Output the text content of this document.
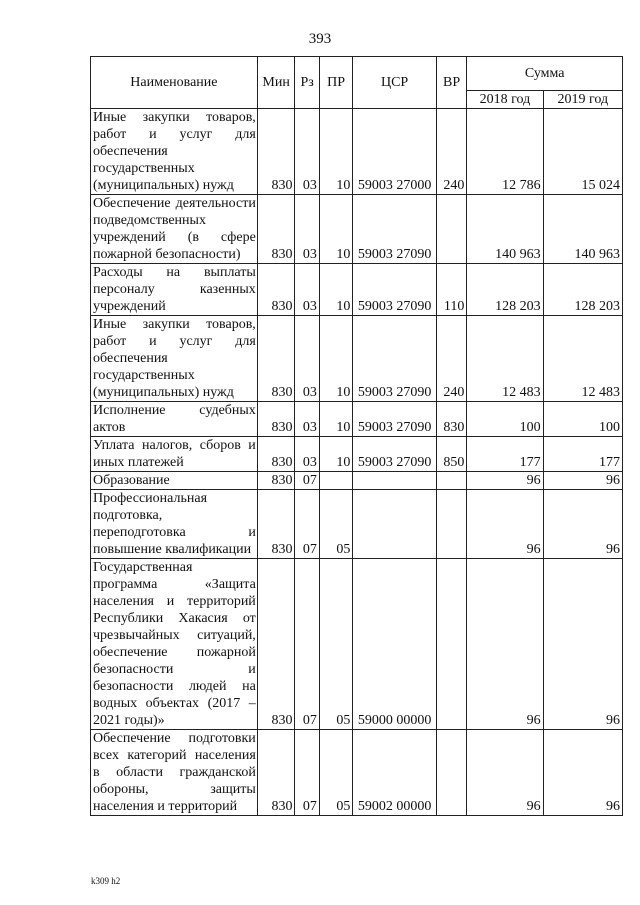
393
Наименование	Мин	Рз	ПР	ЦСР	ВР	Сумма	
						2018 год	2019 год
Иные закупки товаров, работ и услуг для обеспечения государственных (муниципальных) нужд	830	03	10	59003 27000	240	12 786	15 024
Обеспечение деятельности подведомственных учреждений (в сфере пожарной безопасности)	830	03	10	59003 27090		140 963	140 963
Расходы на выплаты персоналу казенных учреждений	830	03	10	59003 27090	110	128 203	128 203
Иные закупки товаров, работ и услуг для обеспечения государственных (муниципальных) нужд	830	03	10	59003 27090	240	12 483	12 483
Исполнение судебных актов	830	03	10	59003 27090	830	100	100
Уплата налогов, сборов и иных платежей	830	03	10	59003 27090	850	177	177
Образование	830	07				96	96
Профессиональная подготовка, переподготовка и повышение квалификации	830	07	05			96	96
Государственная программа «Защита населения и территорий Республики Хакасия от чрезвычайных ситуаций, обеспечение пожарной безопасности и безопасности людей на водных объектах (2017 – 2021 годы)»	830	07	05	59000 00000		96	96
Обеспечение подготовки всех категорий населения в области гражданской обороны, защиты населения и территорий	830	07	05	59002 00000		96	96
k309 h2
